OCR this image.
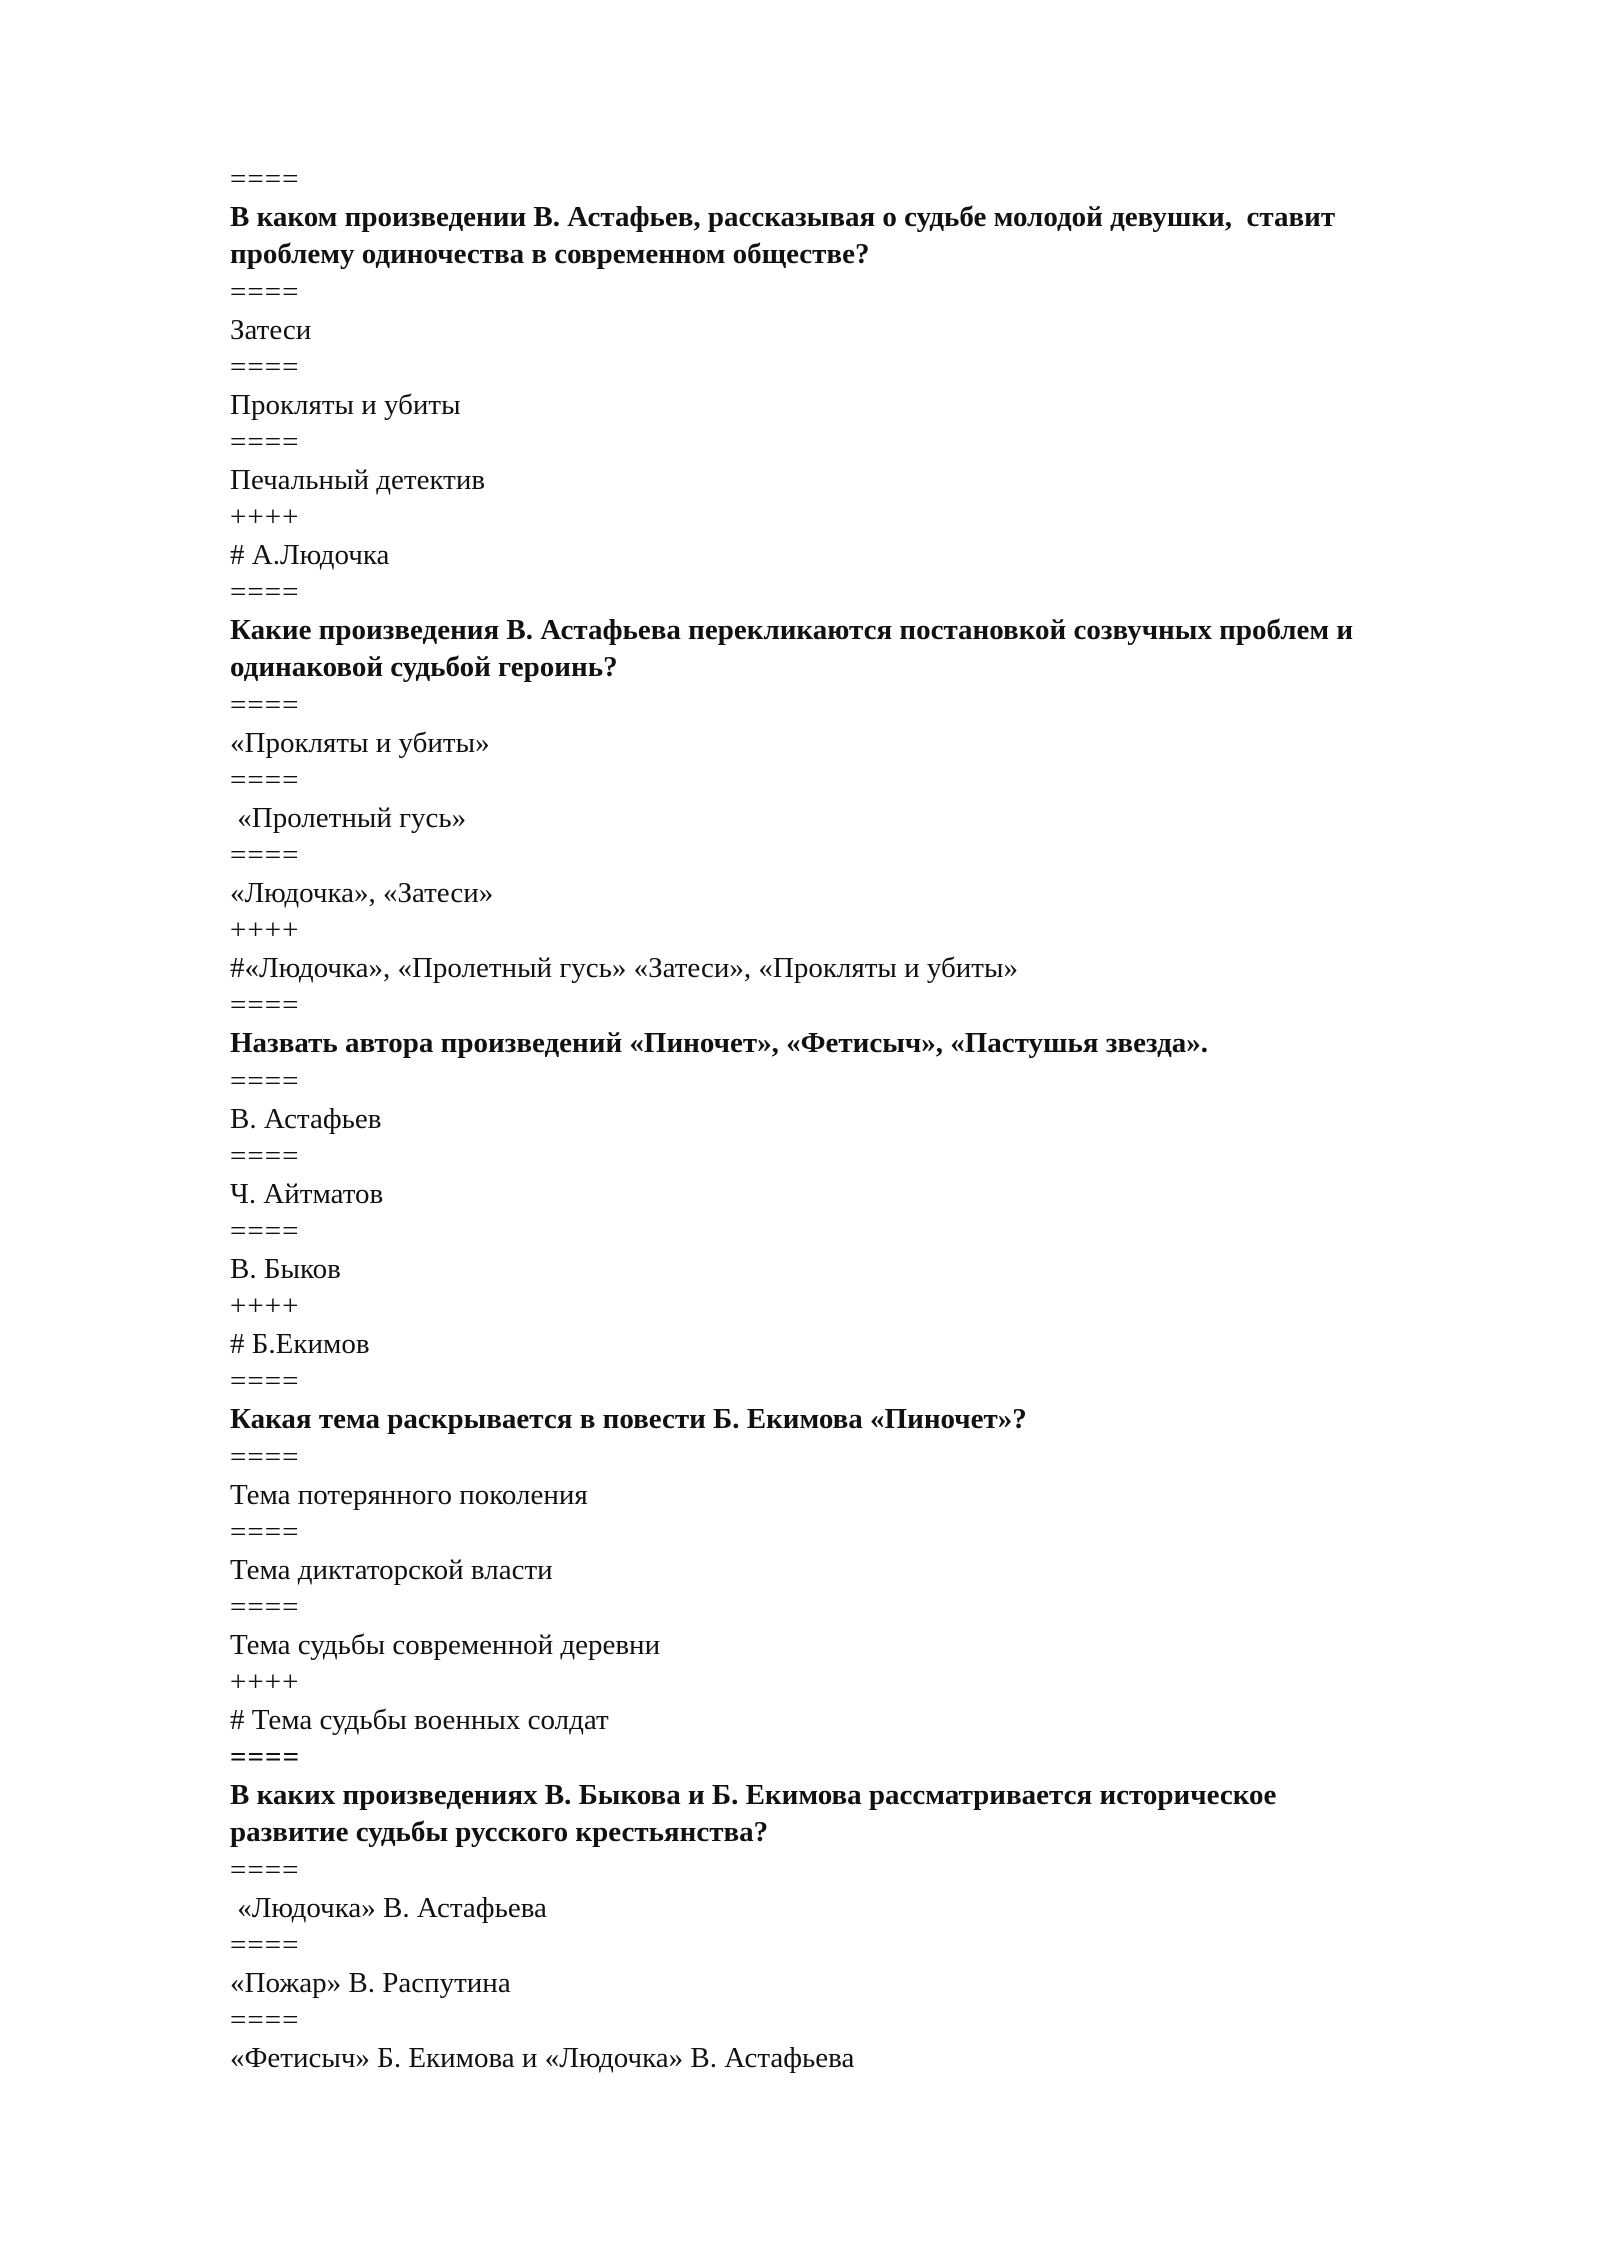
====
В каком произведении В. Астафьев, рассказывая о судьбе молодой девушки,  ставит
проблему одиночества в современном обществе?
====
Затеси
====
Прокляты и убиты
====
Печальный детектив
++++
# А.Людочка
====
Какие произведения В. Астафьева перекликаются постановкой созвучных проблем и
одинаковой судьбой героинь?
====
«Прокляты и убиты»
====
«Пролетный гусь»
====
«Людочка», «Затеси»
++++
#«Людочка», «Пролетный гусь» «Затеси», «Прокляты и убиты»
====
Назвать автора произведений «Пиночет», «Фетисыч», «Пастушья звезда».
====
В. Астафьев
====
Ч. Айтматов
====
В. Быков
++++
# Б.Екимов
====
Какая тема раскрывается в повести Б. Екимова «Пиночет»?
====
Тема потерянного поколения
====
Тема диктаторской власти
====
Тема судьбы современной деревни
++++
# Тема судьбы военных солдат
====
В каких произведениях В. Быкова и Б. Екимова рассматривается историческое
развитие судьбы русского крестьянства?
====
«Людочка» В. Астафьева
====
«Пожар» В. Распутина
====
«Фетисыч» Б. Екимова и «Людочка» В. Астафьева
